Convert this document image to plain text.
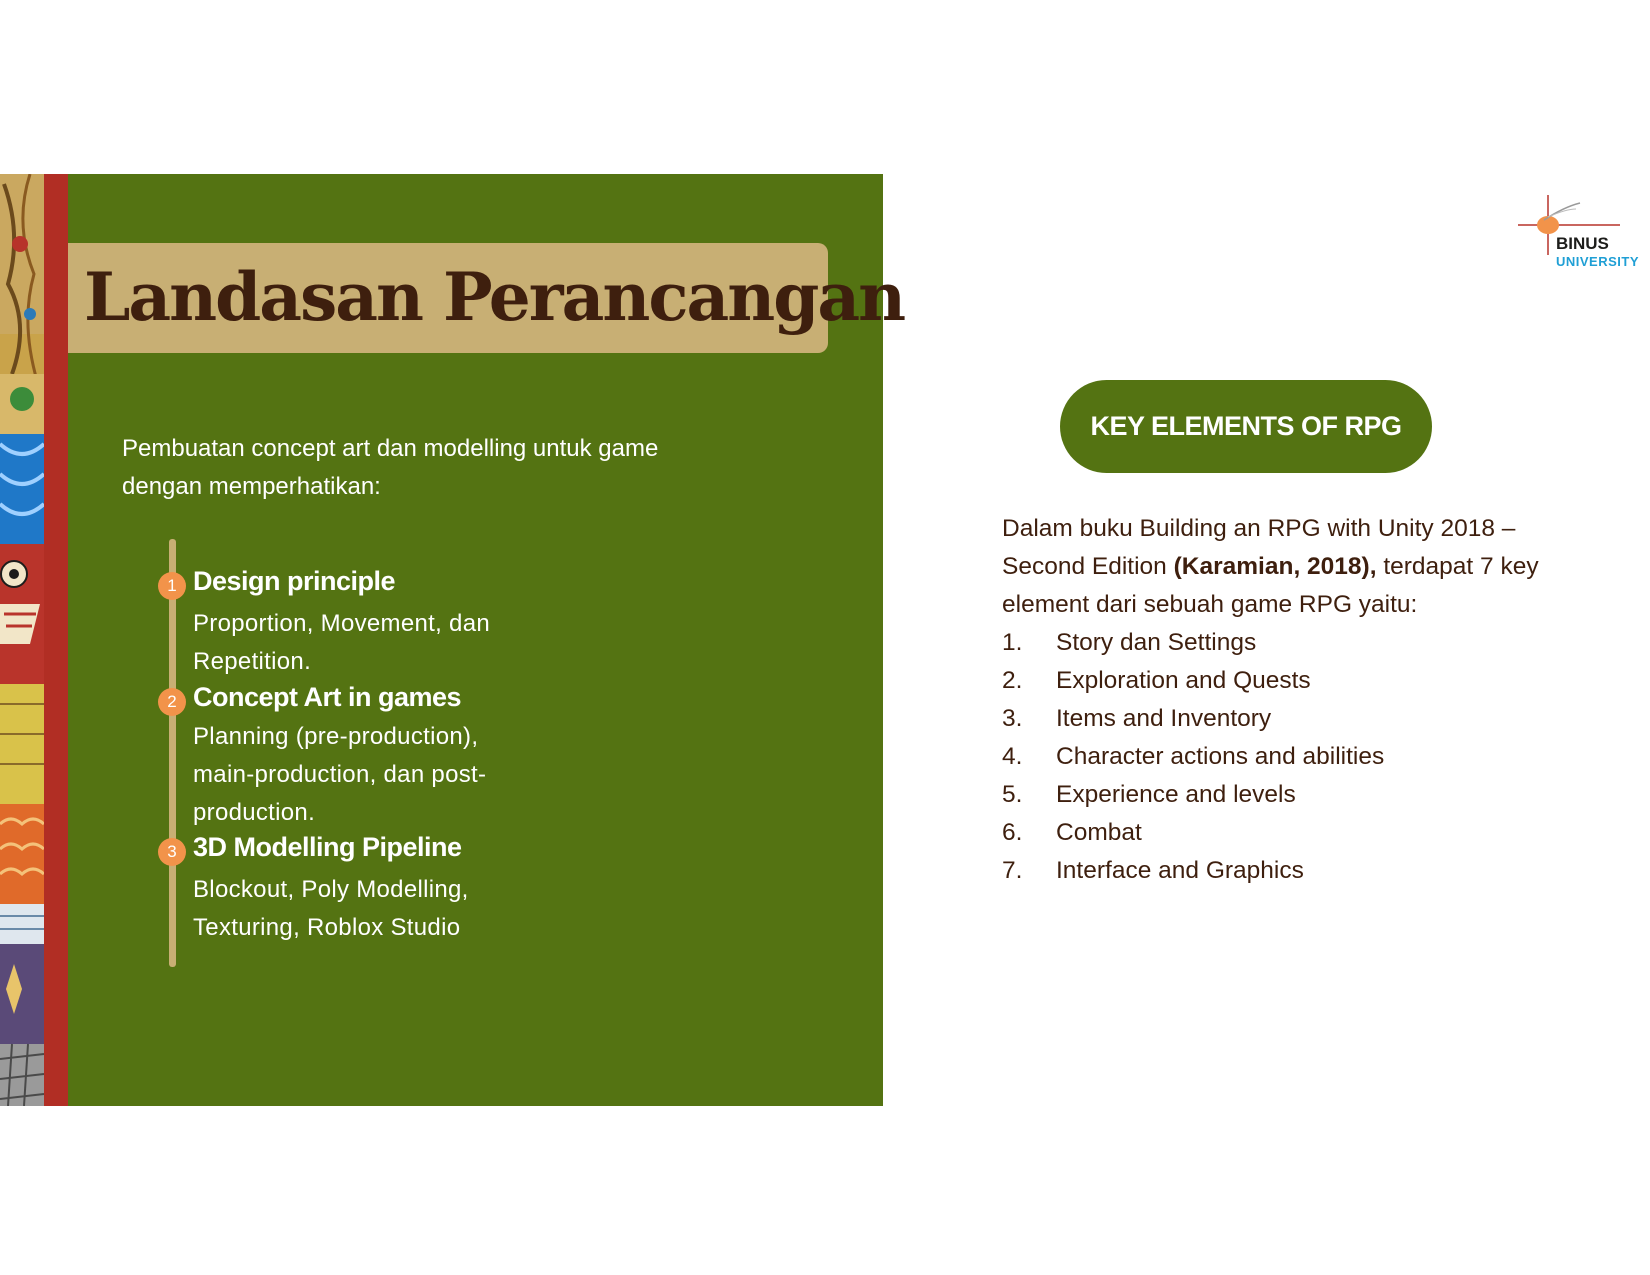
Landasan Perancangan
Pembuatan concept art dan modelling untuk game dengan memperhatikan:
1 Design principle
Proportion, Movement, dan Repetition.
2 Concept Art in games
Planning (pre-production), main-production, dan post-production.
3 3D Modelling Pipeline
Blockout, Poly Modelling, Texturing, Roblox Studio
BINUS
UNIVERSITY
KEY ELEMENTS OF RPG
Dalam buku Building an RPG with Unity 2018 – Second Edition (Karamian, 2018), terdapat 7 key element dari sebuah game RPG yaitu:
1.	Story dan Settings
2.	Exploration and Quests
3.	Items and Inventory
4.	Character actions and abilities
5.	Experience and levels
6.	Combat
7.	Interface and Graphics
